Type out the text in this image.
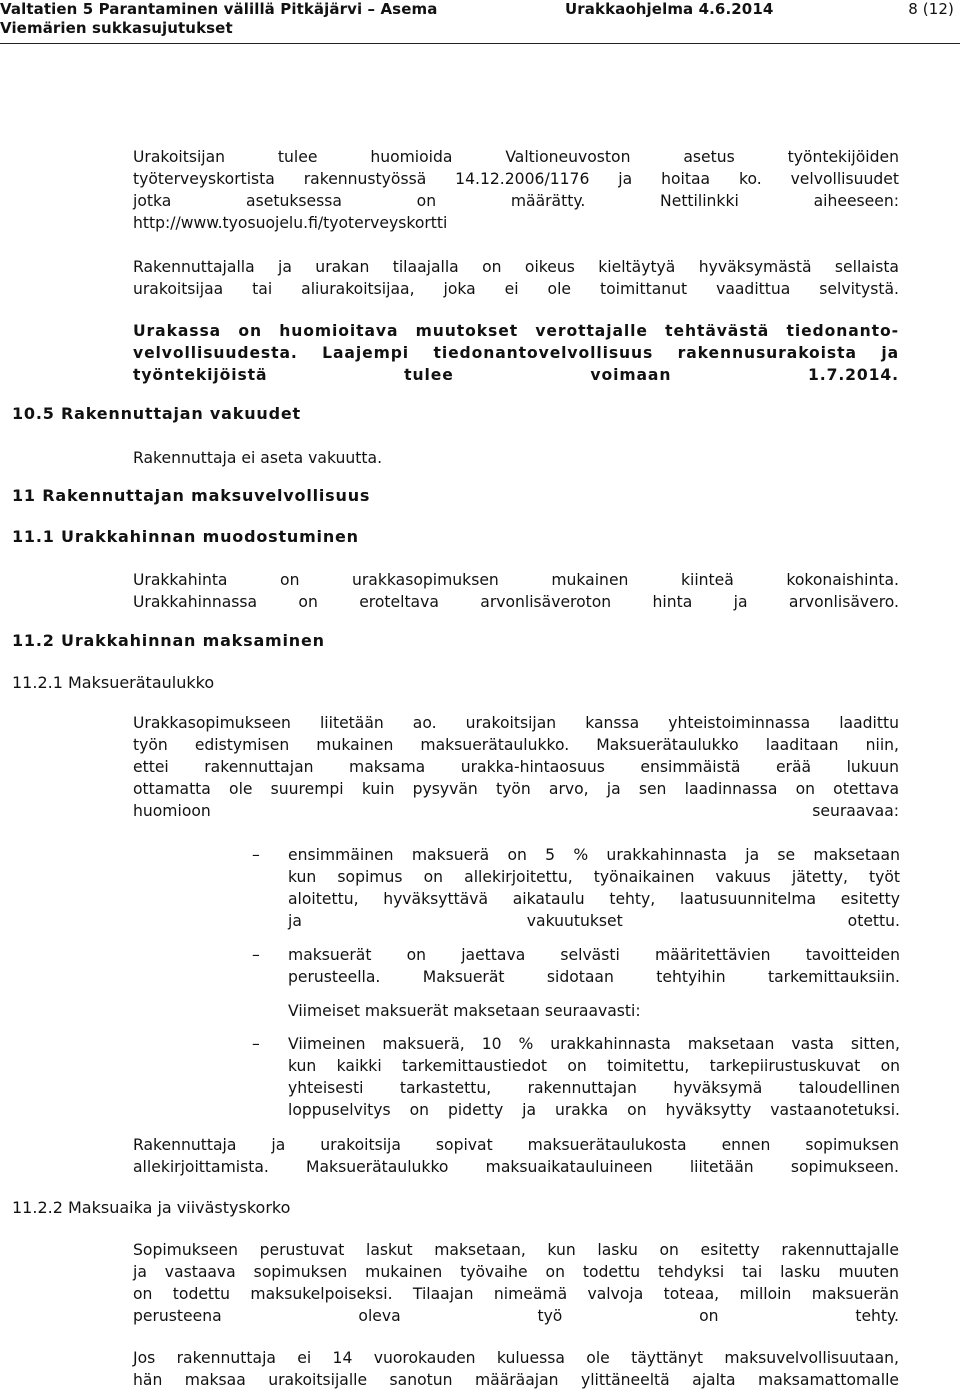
Valtatien 5 Parantaminen välillä Pitkäjärvi – Asema	Urakkaohjelma 4.6.2014	8 (12)
Viemärien sukkasujutukset
Urakoitsijan tulee huomioida Valtioneuvoston asetus työntekijöiden
työterveyskortista rakennustyössä 14.12.2006/1176 ja hoitaa ko. velvollisuudet
jotka asetuksessa on määrätty. Nettilinkki aiheeseen:
http://www.tyosuojelu.fi/tyoterveyskortti
Rakennuttajalla ja urakan tilaajalla on oikeus kieltäytyä hyväksymästä sellaista
urakoitsijaa tai aliurakoitsijaa, joka ei ole toimittanut vaadittua selvitystä.
Urakassa on huomioitava muutokset verottajalle tehtävästä tiedonanto-
velvollisuudesta. Laajempi tiedonantovelvollisuus rakennusurakoista ja
työntekijöistä tulee voimaan 1.7.2014.
10.5 Rakennuttajan vakuudet
Rakennuttaja ei aseta vakuutta.
11 Rakennuttajan maksuvelvollisuus
11.1 Urakkahinnan muodostuminen
Urakkahinta on urakkasopimuksen mukainen kiinteä kokonaishinta.
Urakkahinnassa on eroteltava arvonlisäveroton hinta ja arvonlisävero.
11.2 Urakkahinnan maksaminen
11.2.1 Maksuerätaulukko
Urakkasopimukseen liitetään ao. urakoitsijan kanssa yhteistoiminnassa laadittu
työn edistymisen mukainen maksuerätaulukko. Maksuerätaulukko laaditaan niin,
ettei rakennuttajan maksama urakka-hintaosuus ensimmäistä erää lukuun
ottamatta ole suurempi kuin pysyvän työn arvo, ja sen laadinnassa on otettava
huomioon seuraavaa:
– ensimmäinen maksuerä on 5 % urakkahinnasta ja se maksetaan
kun sopimus on allekirjoitettu, työnaikainen vakuus jätetty, työt
aloitettu, hyväksyttävä aikataulu tehty, laatusuunnitelma esitetty
ja vakuutukset otettu.
– maksuerät on jaettava selvästi määritettävien tavoitteiden
perusteella. Maksuerät sidotaan tehtyihin tarkemittauksiin.
Viimeiset maksuerät maksetaan seuraavasti:
– Viimeinen maksuerä, 10 % urakkahinnasta maksetaan vasta sitten,
kun kaikki tarkemittaustiedot on toimitettu, tarkepiirustuskuvat on
yhteisesti tarkastettu, rakennuttajan hyväksymä taloudellinen
loppuselvitys on pidetty ja urakka on hyväksytty vastaanotetuksi.
Rakennuttaja ja urakoitsija sopivat maksuerätaulukosta ennen sopimuksen
allekirjoittamista. Maksuerätaulukko maksuaikatauluineen liitetään sopimukseen.
11.2.2 Maksuaika ja viivästyskorko
Sopimukseen perustuvat laskut maksetaan, kun lasku on esitetty rakennuttajalle
ja vastaava sopimuksen mukainen työvaihe on todettu tehdyksi tai lasku muuten
on todettu maksukelpoiseksi. Tilaajan nimeämä valvoja toteaa, milloin maksuerän
perusteena oleva työ on tehty.
Jos rakennuttaja ei 14 vuorokauden kuluessa ole täyttänyt maksuvelvollisuutaan,
hän maksaa urakoitsijalle sanotun määräajan ylittäneeltä ajalta maksamattomalle
